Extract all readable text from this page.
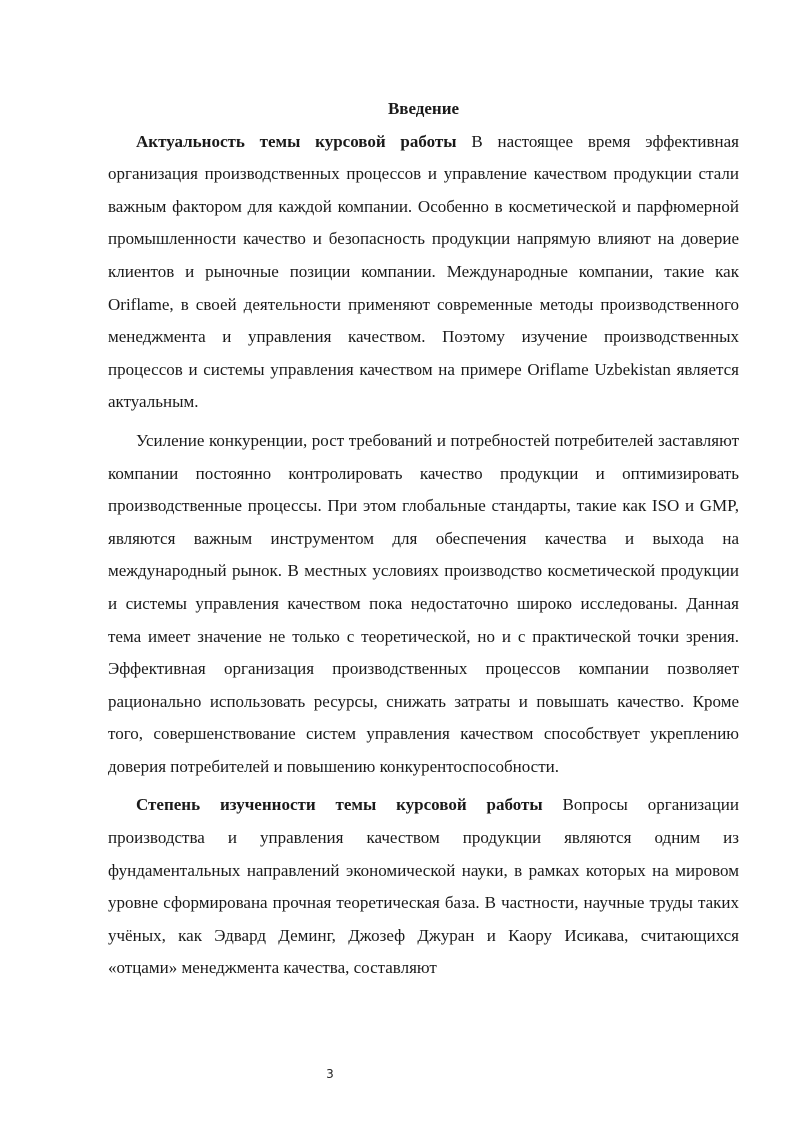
Введение

Актуальность темы курсовой работы В настоящее время эффективная организация производственных процессов и управление качеством продукции стали важным фактором для каждой компании. Особенно в косметической и парфюмерной промышленности качество и безопасность продукции напрямую влияют на доверие клиентов и рыночные позиции компании. Международные компании, такие как Oriflame, в своей деятельности применяют современные методы производственного менеджмента и управления качеством. Поэтому изучение производственных процессов и системы управления качеством на примере Oriflame Uzbekistan является актуальным.

Усиление конкуренции, рост требований и потребностей потребителей заставляют компании постоянно контролировать качество продукции и оптимизировать производственные процессы. При этом глобальные стандарты, такие как ISO и GMP, являются важным инструментом для обеспечения качества и выхода на международный рынок. В местных условиях производство косметической продукции и системы управления качеством пока недостаточно широко исследованы. Данная тема имеет значение не только с теоретической, но и с практической точки зрения. Эффективная организация производственных процессов компании позволяет рационально использовать ресурсы, снижать затраты и повышать качество. Кроме того, совершенствование систем управления качеством способствует укреплению доверия потребителей и повышению конкурентоспособности.

Степень изученности темы курсовой работы Вопросы организации производства и управления качеством продукции являются одним из фундаментальных направлений экономической науки, в рамках которых на мировом уровне сформирована прочная теоретическая база. В частности, научные труды таких учёных, как Эдвард Деминг, Джозеф Джуран и Каору Исикава, считающихся «отцами» менеджмента качества, составляют

3
